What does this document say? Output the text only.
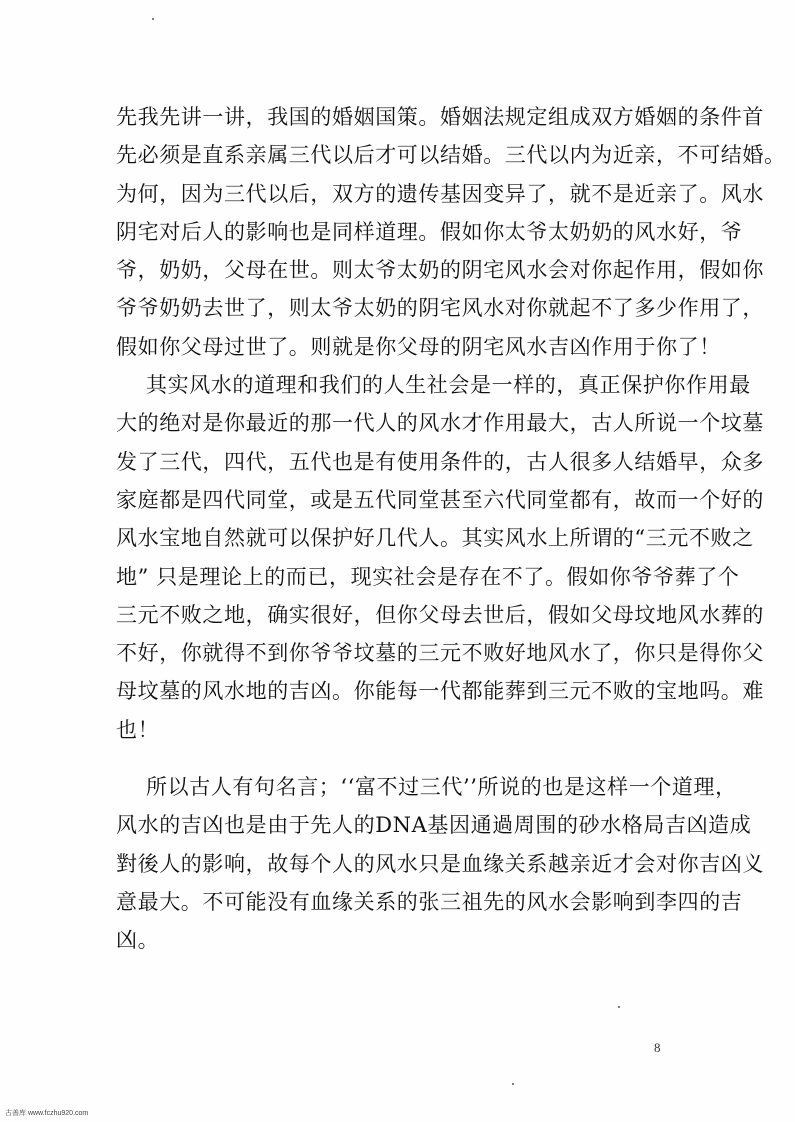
先我先讲一讲，我国的婚姻国策。婚姻法规定组成双方婚姻的条件首
先必须是直系亲属三代以后才可以结婚。三代以内为近亲，不可结婚。
为何，因为三代以后，双方的遗传基因变异了，就不是近亲了。风水
阴宅对后人的影响也是同样道理。假如你太爷太奶奶的风水好，爷
爷，奶奶，父母在世。则太爷太奶的阴宅风水会对你起作用，假如你
爷爷奶奶去世了，则太爷太奶的阴宅风水对你就起不了多少作用了，
假如你父母过世了。则就是你父母的阴宅风水吉凶作用于你了！

其实风水的道理和我们的人生社会是一样的，真正保护你作用最
大的绝对是你最近的那一代人的风水才作用最大，古人所说一个坟墓
发了三代，四代，五代也是有使用条件的，古人很多人结婚早，众多
家庭都是四代同堂，或是五代同堂甚至六代同堂都有，故而一个好的
风水宝地自然就可以保护好几代人。其实风水上所谓的“三元不败之
地” 只是理论上的而已，现实社会是存在不了。假如你爷爷葬了个
三元不败之地，确实很好，但你父母去世后，假如父母坟地风水葬的
不好，你就得不到你爷爷坟墓的三元不败好地风水了，你只是得你父
母坟墓的风水地的吉凶。你能每一代都能葬到三元不败的宝地吗。难
也！

所以古人有句名言；‘‘富不过三代’’所说的也是这样一个道理，
风水的吉凶也是由于先人的DNA基因通過周围的砂水格局吉凶造成
對後人的影响，故每个人的风水只是血缘关系越亲近才会对你吉凶义
意最大。不可能没有血缘关系的张三祖先的风水会影响到李四的吉
凶。

8
古善库 www.fczhu920.com
